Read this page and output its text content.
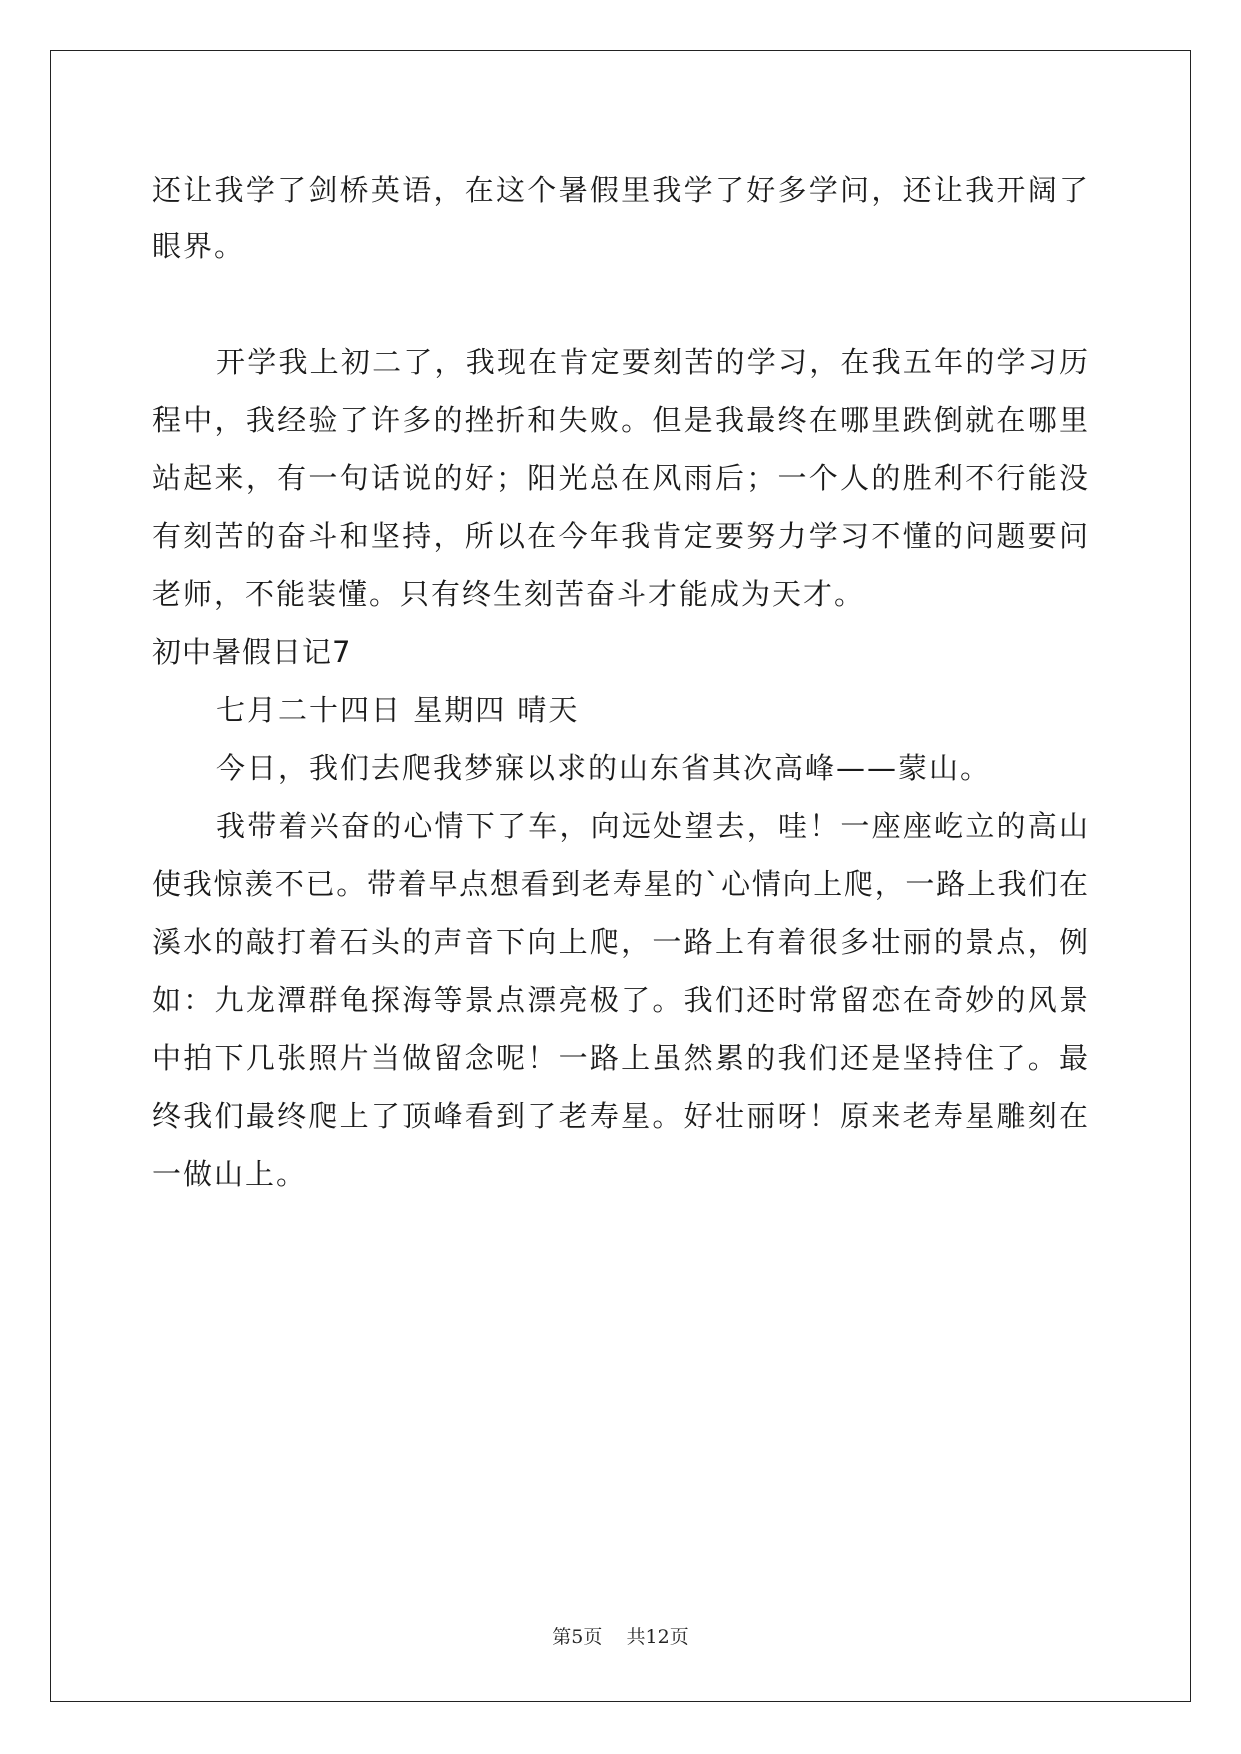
还让我学了剑桥英语，在这个暑假里我学了好多学问，还让我开阔了
眼界。
开学我上初二了，我现在肯定要刻苦的学习，在我五年的学习历
程中，我经验了许多的挫折和失败。但是我最终在哪里跌倒就在哪里
站起来，有一句话说的好；阳光总在风雨后；一个人的胜利不行能没
有刻苦的奋斗和坚持，所以在今年我肯定要努力学习不懂的问题要问
老师，不能装懂。只有终生刻苦奋斗才能成为天才。
初中暑假日记7
七月二十四日 星期四 晴天
今日，我们去爬我梦寐以求的山东省其次高峰——蒙山。
我带着兴奋的心情下了车，向远处望去，哇！一座座屹立的高山
使我惊羡不已。带着早点想看到老寿星的`心情向上爬，一路上我们在
溪水的敲打着石头的声音下向上爬，一路上有着很多壮丽的景点，例
如：九龙潭群龟探海等景点漂亮极了。我们还时常留恋在奇妙的风景
中拍下几张照片当做留念呢！一路上虽然累的我们还是坚持住了。最
终我们最终爬上了顶峰看到了老寿星。好壮丽呀！原来老寿星雕刻在
一做山上。
第5页    共12页
